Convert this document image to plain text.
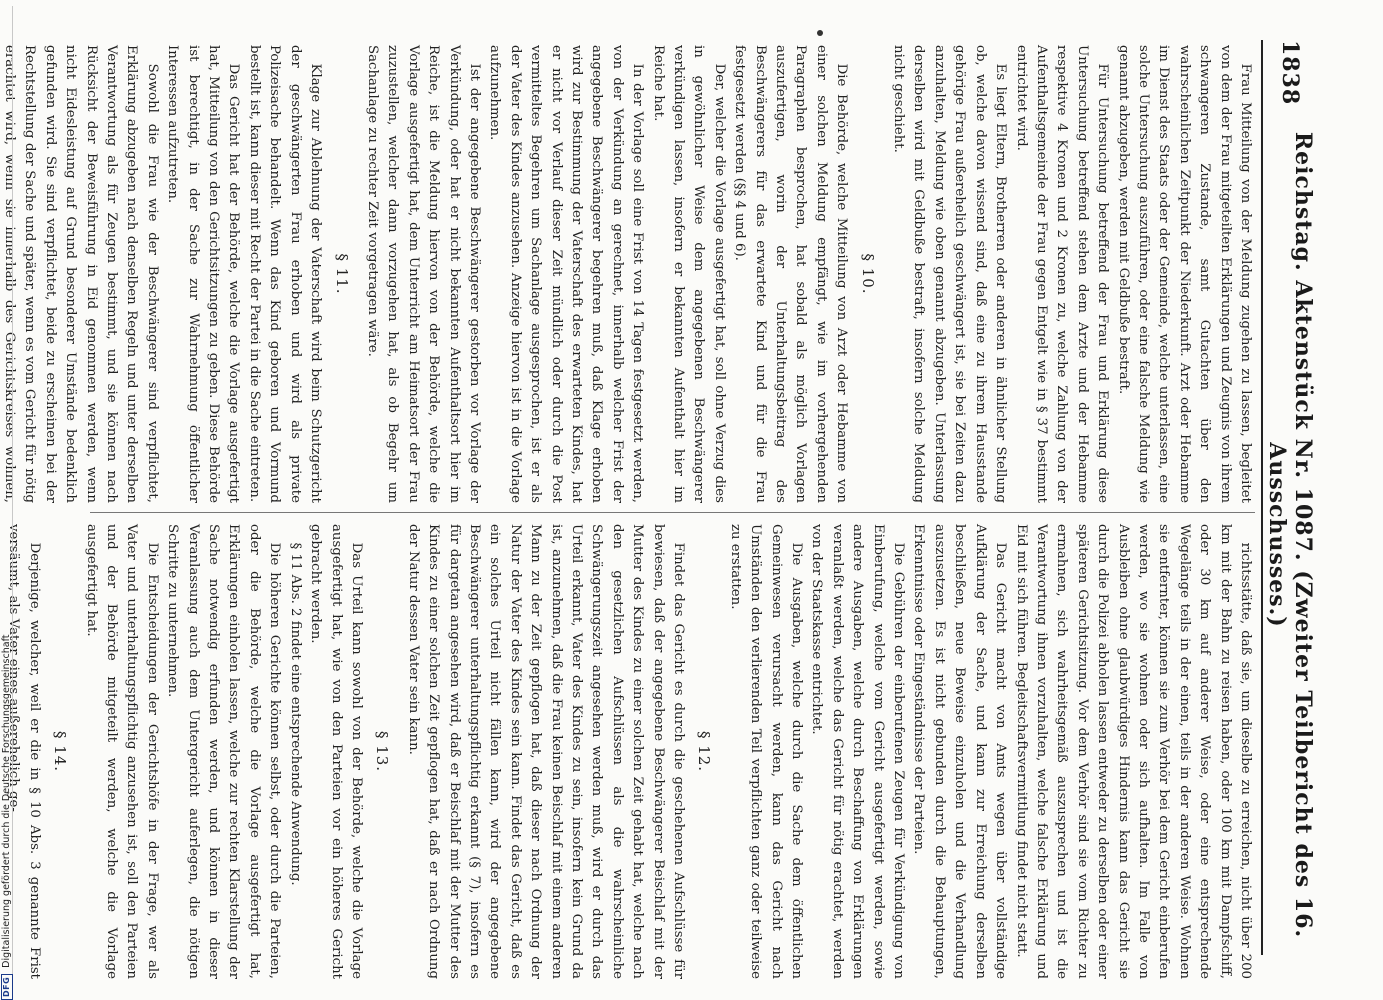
1838
Reichstag. Aktenstück Nr. 1087. (Zweiter Teilbericht des 16. Ausschusses.)

Frau Mitteilung von der Meldung zugehen zu lassen, begleitet von dem der Frau mitgeteilten Erklärungen und Zeugnis von ihrem schwangeren Zustande, samt Gutachten über den wahrscheinlichen Zeitpunkt der Niederkunft. Arzt oder Hebamme im Dienst des Staats oder der Gemeinde, welche unterlassen, eine solche Untersuchung auszuführen, oder eine falsche Meldung wie genannt abzugeben, werden mit Geldbuße bestraft.

Für Untersuchung betreffend der Frau und Erklärung diese Untersuchung betreffend stehen dem Arzte und der Hebamme respektive 4 Kronen und 2 Kronen zu, welche Zahlung von der Aufenthaltsgemeinde der Frau gegen Entgelt wie in § 37 bestimmt entrichtet wird.

Es liegt Eltern, Brotherren oder anderen in ähnlicher Stellung ob, welche davon wissend sind, daß eine zu ihrem Hausstande gehörige Frau außerehelich geschwängert ist, sie bei Zeiten dazu anzuhalten, Meldung wie oben genannt abzugeben. Unterlassung derselben wird mit Geldbuße bestraft, insofern solche Meldung nicht geschieht.

§ 10.

Die Behörde, welche Mitteilung von Arzt oder Hebamme von einer solchen Meldung empfängt, wie im vorhergehenden Paragraphen besprochen, hat sobald als möglich Vorlagen auszufertigen, worin der Unterhaltungsbeitrag des Beschwängerers für das erwartete Kind und für die Frau festgesetzt werden (§§ 4 und 6).

Der, welcher die Vorlage ausgefertigt hat, soll ohne Verzug dies in gewöhnlicher Weise dem angegebenen Beschwängerer verkündigen lassen, insofern er bekannten Aufenthalt hier im Reiche hat.

In der Vorlage soll eine Frist von 14 Tagen festgesetzt werden, von der Verkündung an gerechnet, innerhalb welcher Frist der angegebene Beschwängerer begehren muß, daß Klage erhoben wird zur Bestimmung der Vaterschaft des erwarteten Kindes, hat er nicht vor Verlauf dieser Zeit mündlich oder durch die Post vermitteltes Begehren um Sachanlage ausgesprochen, ist er als der Vater des Kindes anzusehen. Anzeige hiervon ist in die Vorlage aufzunehmen.

Ist der angegebene Beschwängerer gestorben vor Vorlage der Verkündung, oder hat er nicht bekannten Aufenthaltsort hier im Reiche, ist die Meldung hiervon von der Behörde, welche die Vorlage ausgefertigt hat, dem Unterricht am Heimatsort der Frau zuzustellen, welcher dann vorzugehen hat, als ob Begehr um Sachanlage zu rechter Zeit vorgetragen wäre.

§ 11.

Klage zur Ablehnung der Vaterschaft wird beim Schutzgericht der geschwängerten Frau erhoben und wird als private Polizeisache behandelt. Wenn das Kind geboren und Vormund bestellt ist, kann dieser mit Recht der Partei in die Sache eintreten.

Das Gericht hat der Behörde, welche die Vorlage ausgefertigt hat, Mitteilung von den Gerichtsitzungen zu geben. Diese Behörde ist berechtigt, in der Sache zur Wahrnehmung öffentlicher Interessen aufzutreten.

Sowohl die Frau wie der Beschwängerer sind verpflichtet, Erklärung abzugeben nach denselben Regeln und unter derselben Verantwortung als für Zeugen bestimmt, und sie können nach Rücksicht der Beweisführung in Eid genommen werden, wenn nicht Eidesleistung auf Grund besonderer Umstände bedenklich gefunden wird. Sie sind verpflichtet, beide zu erscheinen bei der Rechtstellung der Sache und später, wenn es vom Gericht für nötig erachtet wird, wenn sie innerhalb des Gerichtskreises wohnen,

richtsstätte, daß sie, um dieselbe zu erreichen, nicht über 200 km mit der Bahn zu reisen haben, oder 100 km mit Dampfschiff, oder 30 km auf anderer Weise, oder eine entsprechende Wegelänge teils in der einen, teils in der anderen Weise. Wohnen sie entfernter, können sie zum Verhör bei dem Gericht einberufen werden, wo sie wohnen oder sich aufhalten. Im Falle von Ausbleiben ohne glaubwürdiges Hindernis kann das Gericht sie durch die Polizei abholen lassen entweder zu derselben oder einer späteren Gerichtsitzung. Vor dem Verhör sind sie vom Richter zu ermahnen, sich wahrheitsgemäß auszusprechen und ist die Verantwortung ihnen vorzuhalten, welche falsche Erklärung und Eid mit sich führen. Begleitschaftsvermittlung findet nicht statt.

Das Gericht macht von Amts wegen über vollständige Aufklärung der Sache, und kann zur Erreichung derselben beschließen, neue Beweise einzuholen und die Verhandlung auszusetzen. Es ist nicht gebunden durch die Behauptungen, Erkenntnisse oder Eingeständnisse der Parteien.

Die Gebühren der einberufenen Zeugen für Verkündigung von Einberufung, welche vom Gericht ausgefertigt werden, sowie andere Ausgaben, welche durch Beschaffung von Erklärungen veranlaßt werden, welche das Gericht für nötig erachtet, werden von der Staatskasse entrichtet.

Die Ausgaben, welche durch die Sache dem öffentlichen Gemeinwesen verursacht werden, kann das Gericht nach Umständen den verlierenden Teil verpflichten ganz oder teilweise zu erstatten.

§ 12.

Findet das Gericht es durch die geschehenen Aufschlüsse für bewiesen, daß der angegebene Beschwängerer Beischlaf mit der Mutter des Kindes zu einer solchen Zeit gehabt hat, welche nach den gesetzlichen Aufschlüssen als die wahrscheinliche Schwängerungszeit angesehen werden muß, wird er durch das Urteil erkannt, Vater des Kindes zu sein, insofern kein Grund da ist, anzunehmen, daß die Frau keinen Beischlaf mit einem anderen Mann zu der Zeit gepflogen hat, daß dieser nach Ordnung der Natur der Vater des Kindes sein kann. Findet das Gericht, daß es ein solches Urteil nicht fällen kann, wird der angegebene Beschwängerer unterhaltungspflichtig erkannt (§ 7), insofern es für dargetan angesehen wird, daß er Beischlaf mit der Mutter des Kindes zu einer solchen Zeit gepflogen hat, daß er nach Ordnung der Natur dessen Vater sein kann.

§ 13.

Das Urteil kann sowohl von der Behörde, welche die Vorlage ausgefertigt hat, wie von den Parteien vor ein höheres Gericht gebracht werden.

§ 11 Abs. 2 findet eine entsprechende Anwendung.

Die höheren Gerichte können selbst, oder durch die Parteien, oder die Behörde, welche die Vorlage ausgefertigt hat, Erklärungen einholen lassen, welche zur rechten Klarstellung der Sache notwendig erfunden werden, und können in dieser Veranlassung auch dem Untergericht auferlegen, die nötigen Schritte zu unternehmen.

Die Entscheidungen der Gerichtshöfe in der Frage, wer als Vater und unterhaltungspflichtig anzusehen ist, soll den Parteien und der Behörde mitgeteilt werden, welche die Vorlage ausgefertigt hat.

§ 14.

Derjenige, welcher, weil er die in § 10 Abs. 3 genannte Frist versäumt, als Vater eines außerehelich ge-

DFG
Digitalisierung gefördert durch die Deutsche Forschungsgemeinschaft
